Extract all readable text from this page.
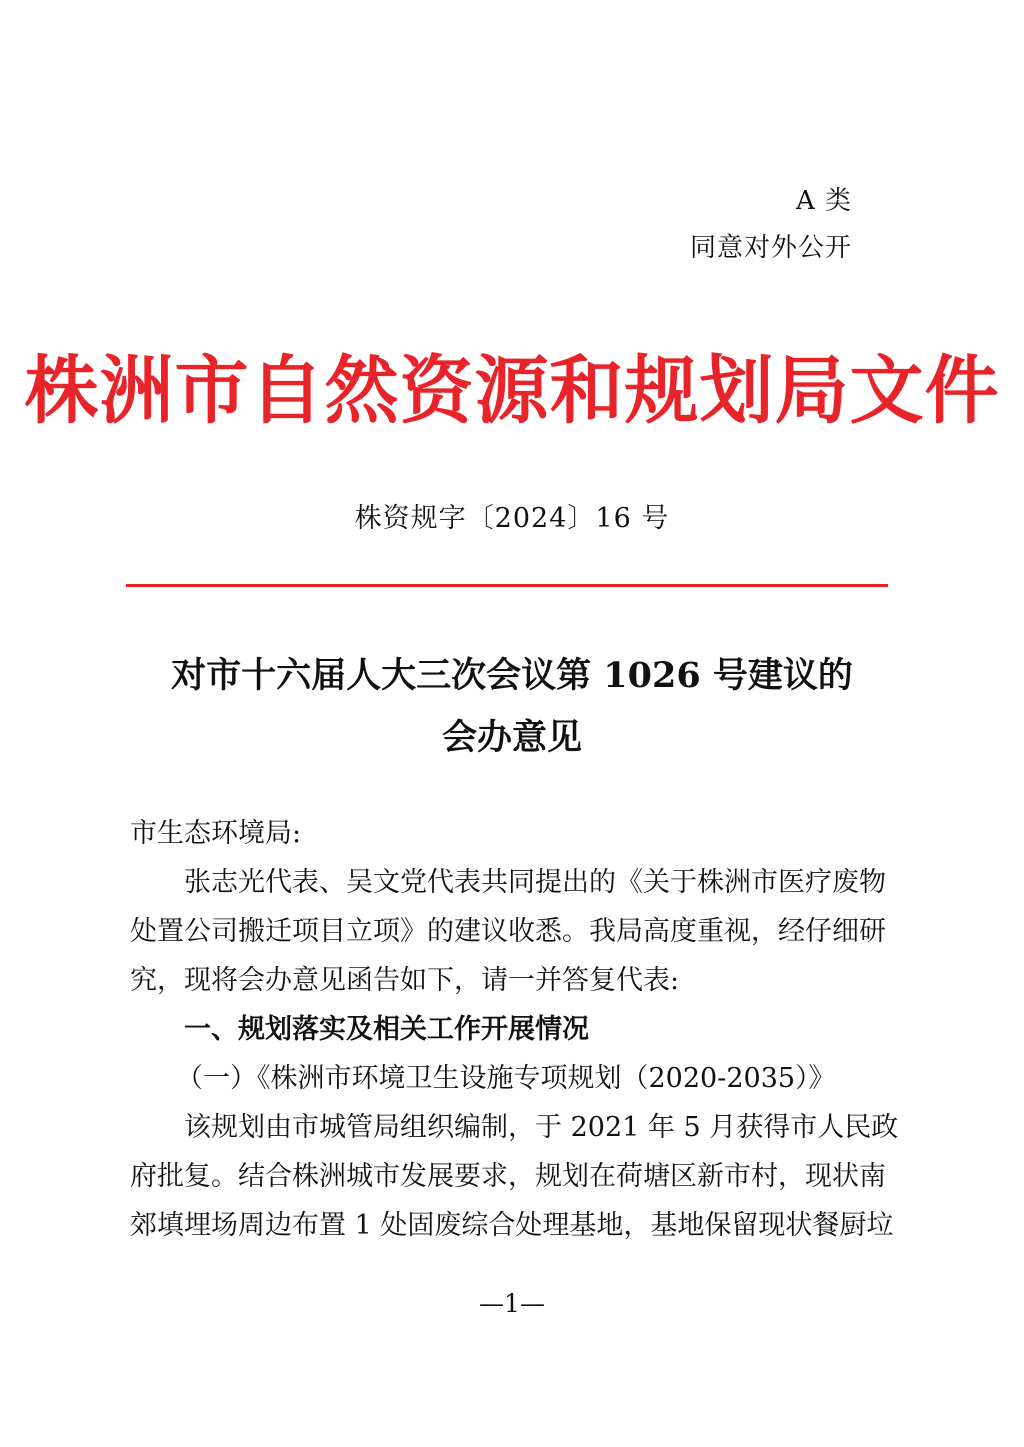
A 类
同意对外公开
株洲市自然资源和规划局文件
株资规字〔2024〕16 号
对市十六届人大三次会议第 1026 号建议的
会办意见
市生态环境局:
张志光代表、吴文党代表共同提出的《关于株洲市医疗废物
处置公司搬迁项目立项》的建议收悉。我局高度重视，经仔细研
究，现将会办意见函告如下，请一并答复代表:
一、规划落实及相关工作开展情况
（一）《株洲市环境卫生设施专项规划（2020-2035）》
该规划由市城管局组织编制，于 2021 年 5 月获得市人民政
府批复。结合株洲城市发展要求，规划在荷塘区新市村，现状南
郊填埋场周边布置 1 处固废综合处理基地，基地保留现状餐厨垃
—1—
